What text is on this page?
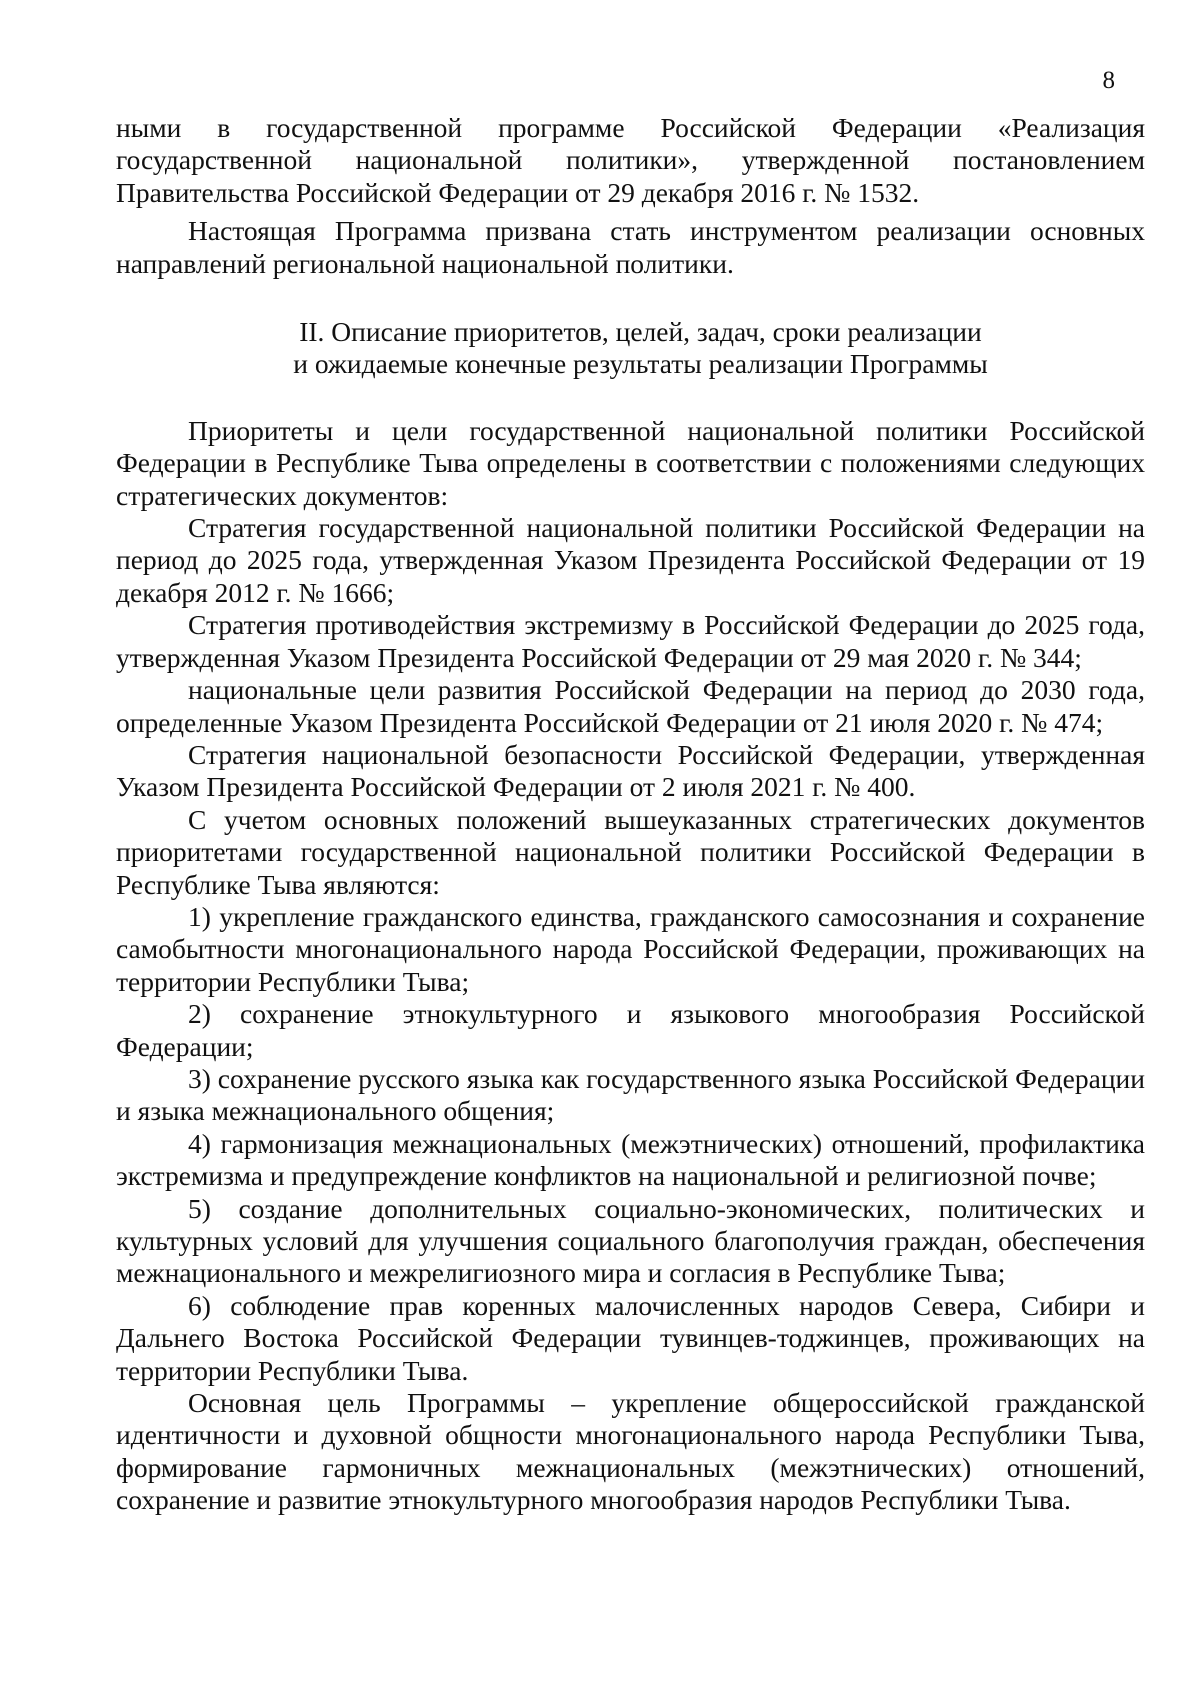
8

ными в государственной программе Российской Федерации «Реализация государственной национальной политики», утвержденной постановлением Правительства Российской Федерации от 29 декабря 2016 г. № 1532.

Настоящая Программа призвана стать инструментом реализации основных направлений региональной национальной политики.

II. Описание приоритетов, целей, задач, сроки реализации
и ожидаемые конечные результаты реализации Программы

Приоритеты и цели государственной национальной политики Российской Федерации в Республике Тыва определены в соответствии с положениями следующих стратегических документов:

Стратегия государственной национальной политики Российской Федерации на период до 2025 года, утвержденная Указом Президента Российской Федерации от 19 декабря 2012 г. № 1666;

Стратегия противодействия экстремизму в Российской Федерации до 2025 года, утвержденная Указом Президента Российской Федерации от 29 мая 2020 г. № 344;

национальные цели развития Российской Федерации на период до 2030 года, определенные Указом Президента Российской Федерации от 21 июля 2020 г. № 474;

Стратегия национальной безопасности Российской Федерации, утвержденная Указом Президента Российской Федерации от 2 июля 2021 г. № 400.

С учетом основных положений вышеуказанных стратегических документов приоритетами государственной национальной политики Российской Федерации в Республике Тыва являются:

1) укрепление гражданского единства, гражданского самосознания и сохранение самобытности многонационального народа Российской Федерации, проживающих на территории Республики Тыва;

2) сохранение этнокультурного и языкового многообразия Российской Федерации;

3) сохранение русского языка как государственного языка Российской Федерации и языка межнационального общения;

4) гармонизация межнациональных (межэтнических) отношений, профилактика экстремизма и предупреждение конфликтов на национальной и религиозной почве;

5) создание дополнительных социально-экономических, политических и культурных условий для улучшения социального благополучия граждан, обеспечения межнационального и межрелигиозного мира и согласия в Республике Тыва;

6) соблюдение прав коренных малочисленных народов Севера, Сибири и Дальнего Востока Российской Федерации тувинцев-тоджинцев, проживающих на территории Республики Тыва.

Основная цель Программы – укрепление общероссийской гражданской идентичности и духовной общности многонационального народа Республики Тыва, формирование гармоничных межнациональных (межэтнических) отношений, сохранение и развитие этнокультурного многообразия народов Республики Тыва.
